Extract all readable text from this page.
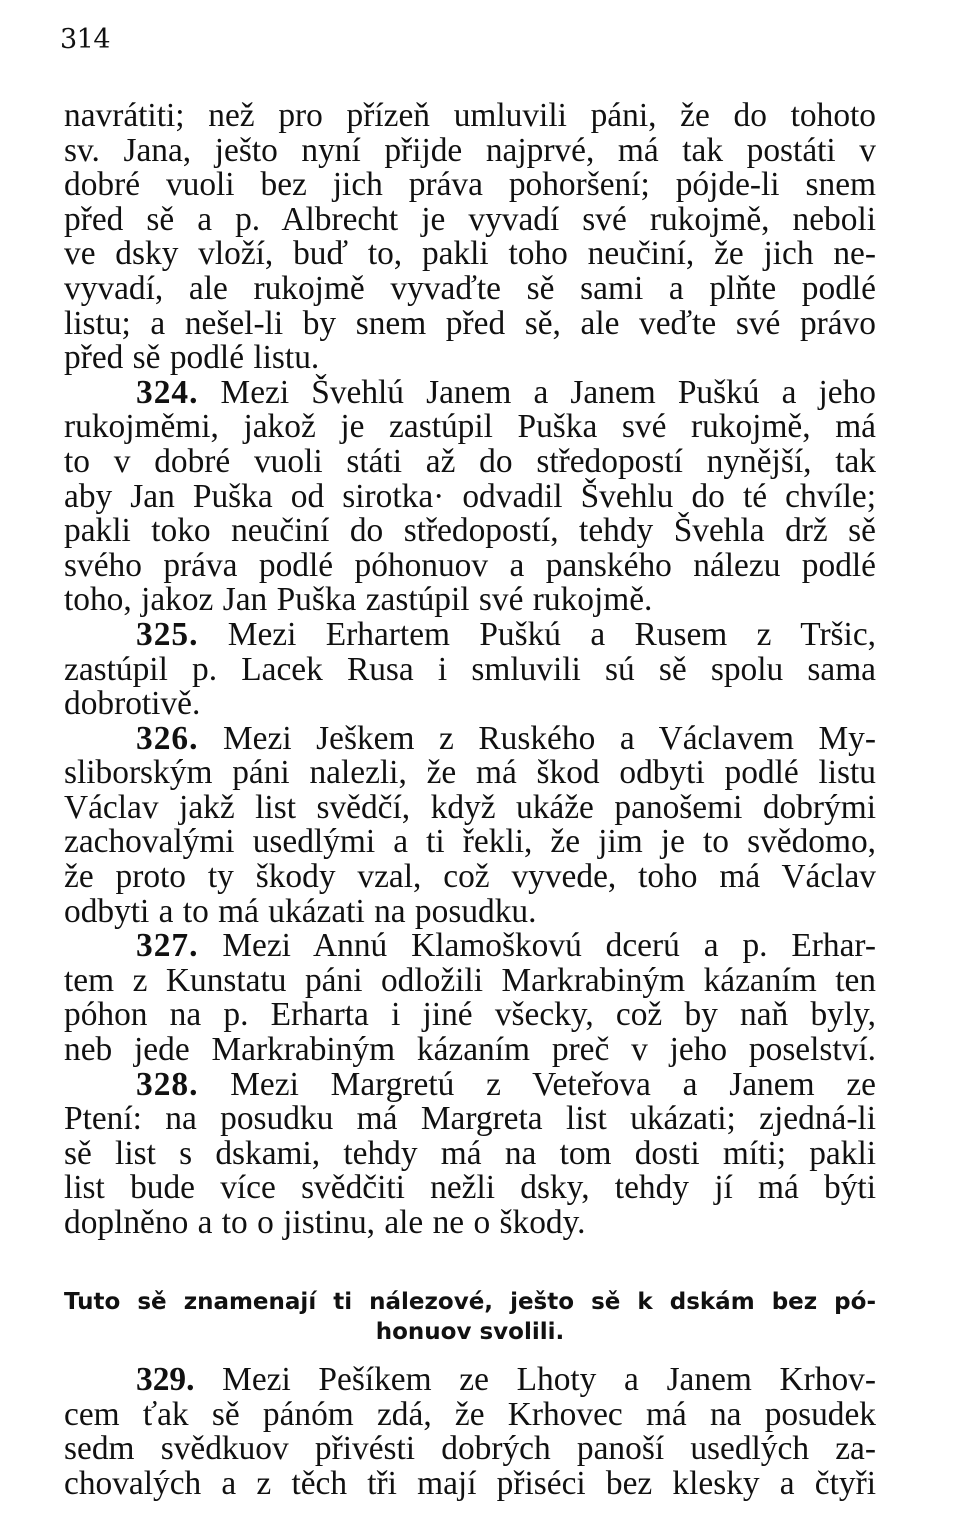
314
navrátiti; než pro přízeň umluvili páni, že do tohoto
sv. Jana, ješto nyní přijde najprvé, má tak postáti v
dobré vuoli bez jich práva pohoršení; pójde-li snem
před sě a p. Albrecht je vyvadí své rukojmě, neboli
ve dsky vloží, buď to, pakli toho neučiní, že jich ne-
vyvadí, ale rukojmě vyvaďte sě sami a plňte podlé
listu; a nešel-li by snem před sě, ale veďte své právo
před sě podlé listu.
324. Mezi Švehlú Janem a Janem Puškú a jeho
rukojměmi, jakož je zastúpil Puška své rukojmě, má
to v dobré vuoli státi až do středopostí nynější, tak
aby Jan Puška od sirotka· odvadil Švehlu do té chvíle;
pakli toko neučiní do středopostí, tehdy Švehla drž sě
svého práva podlé póhonuov a panského nálezu podlé
toho, jakoz Jan Puška zastúpil své rukojmě.
325. Mezi Erhartem Puškú a Rusem z Tršic,
zastúpil p. Lacek Rusa i smluvili sú sě spolu sama
dobrotivě.
326. Mezi Ješkem z Ruského a Václavem My-
sliborským páni nalezli, že má škod odbyti podlé listu
Václav jakž list svědčí, když ukáže panošemi dobrými
zachovalými usedlými a ti řekli, že jim je to svědomo,
že proto ty škody vzal, což vyvede, toho má Václav
odbyti a to má ukázati na posudku.
327. Mezi Annú Klamoškovú dcerú a p. Erhar-
tem z Kunstatu páni odložili Markrabiným kázaním ten
póhon na p. Erharta i jiné všecky, což by naň byly,
neb jede Markrabiným kázaním preč v jeho poselství.
328. Mezi Margretú z Veteřova a Janem ze
Ptení: na posudku má Margreta list ukázati; zjedná-li
sě list s dskami, tehdy má na tom dosti míti; pakli
list bude více svědčiti nežli dsky, tehdy jí má býti
doplněno a to o jistinu, ale ne o škody.
Tuto sě znamenají ti nálezové, ješto sě k dskám bez pó-
honuov svolili.
329. Mezi Pešíkem ze Lhoty a Janem Krhov-
cem ťak sě pánóm zdá, že Krhovec má na posudek
sedm svědkuov přivésti dobrých panoší usedlých za-
chovalých a z těch tři mají přiséci bez klesky a čtyři
